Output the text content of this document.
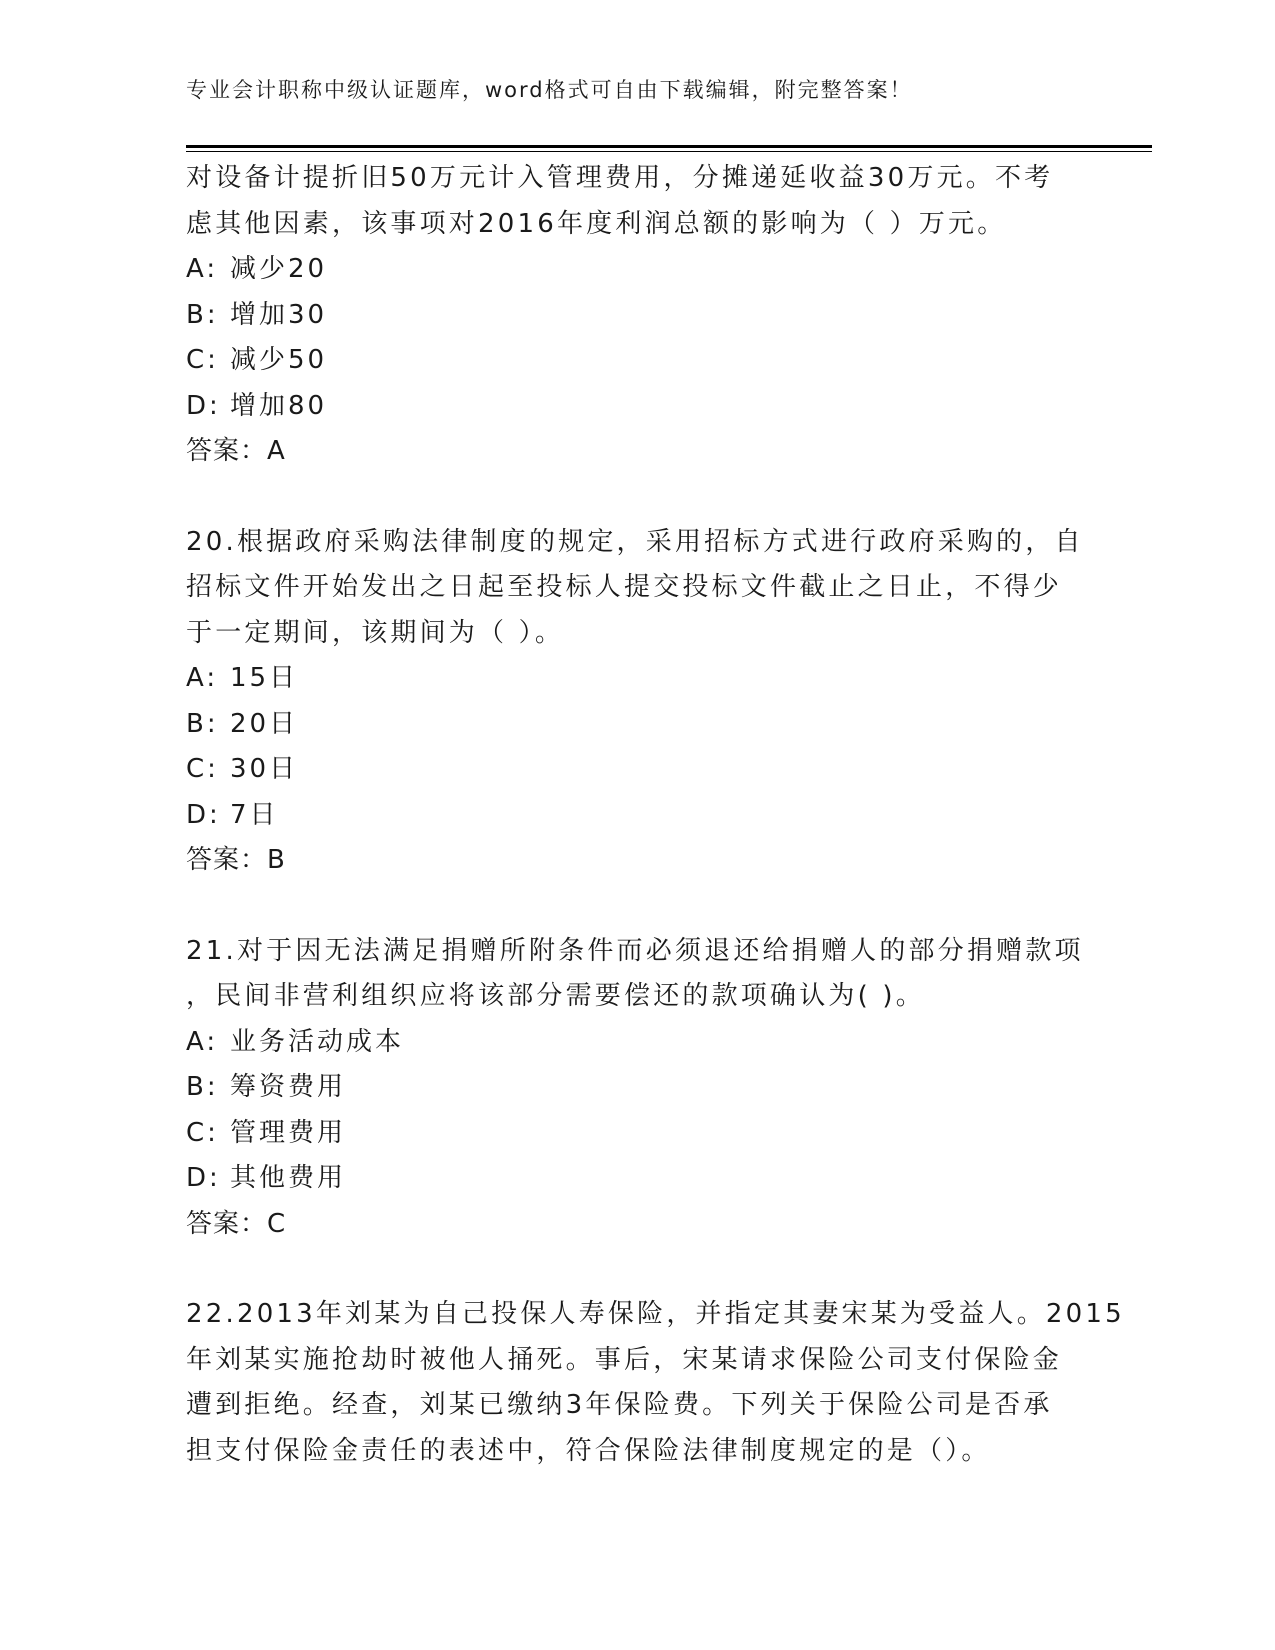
专业会计职称中级认证题库，word格式可自由下载编辑，附完整答案！
对设备计提折旧50万元计入管理费用，分摊递延收益30万元。不考
虑其他因素，该事项对2016年度利润总额的影响为（ ）万元。
A: 减少20
B: 增加30
C: 减少50
D: 增加80
答案：A
20.根据政府采购法律制度的规定，采用招标方式进行政府采购的，自
招标文件开始发出之日起至投标人提交投标文件截止之日止，不得少
于一定期间，该期间为（ ）。
A: 15日
B: 20日
C: 30日
D: 7日
答案：B
21.对于因无法满足捐赠所附条件而必须退还给捐赠人的部分捐赠款项
，民间非营利组织应将该部分需要偿还的款项确认为( )。
A: 业务活动成本
B: 筹资费用
C: 管理费用
D: 其他费用
答案：C
22.2013年刘某为自己投保人寿保险，并指定其妻宋某为受益人。2015
年刘某实施抢劫时被他人捅死。事后，宋某请求保险公司支付保险金
遭到拒绝。经查，刘某已缴纳3年保险费。下列关于保险公司是否承
担支付保险金责任的表述中，符合保险法律制度规定的是（）。
